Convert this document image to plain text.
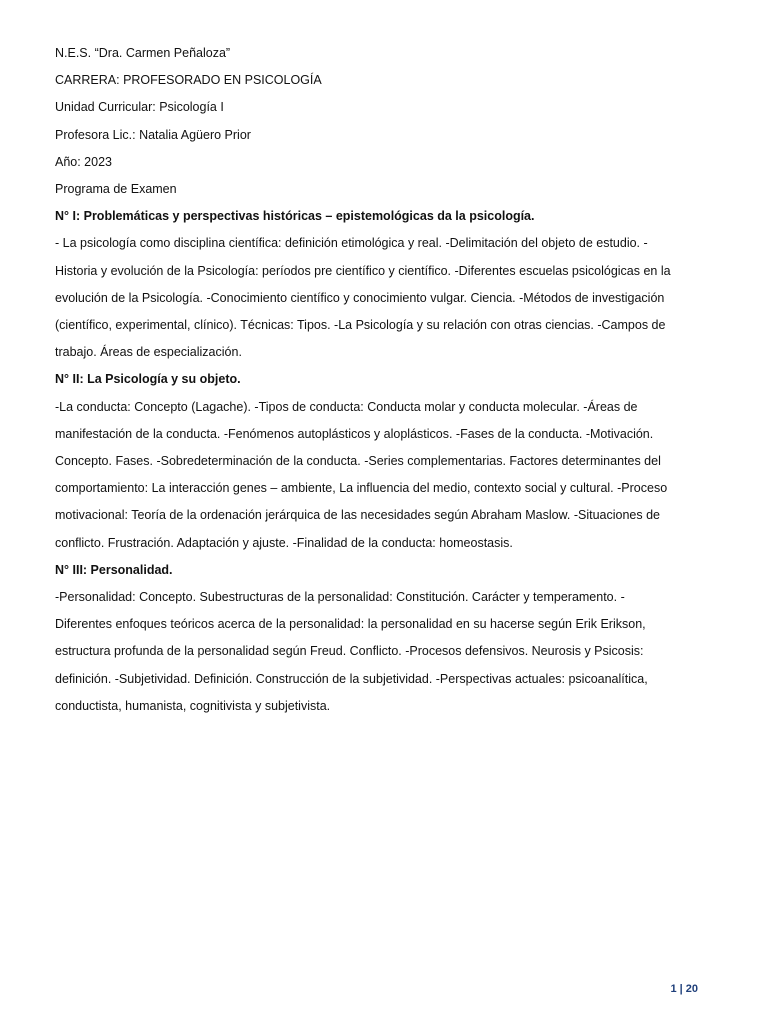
N.E.S. “Dra. Carmen Peñaloza”

CARRERA: PROFESORADO EN PSICOLOGÍA

Unidad Curricular: Psicología I

Profesora Lic.: Natalia Agüero Prior

Año: 2023

Programa de Examen

N° I: Problemáticas y perspectivas históricas – epistemológicas da la psicología.

- La psicología como disciplina científica: definición etimológica y real. -Delimitación del objeto de estudio. -
Historia y evolución de la Psicología: períodos pre científico y científico. -Diferentes escuelas psicológicas en la
evolución de la Psicología. -Conocimiento científico y conocimiento vulgar. Ciencia. -Métodos de investigación
(científico, experimental, clínico). Técnicas: Tipos. -La Psicología y su relación con otras ciencias. -Campos de
trabajo. Áreas de especialización.

N° II: La Psicología y su objeto.

-La conducta: Concepto (Lagache). -Tipos de conducta: Conducta molar y conducta molecular. -Áreas de
manifestación de la conducta. -Fenómenos autoplásticos y aloplásticos. -Fases de la conducta. -Motivación.
Concepto. Fases. -Sobredeterminación de la conducta. -Series complementarias. Factores determinantes del
comportamiento: La interacción genes – ambiente, La influencia del medio, contexto social y cultural. -Proceso
motivacional: Teoría de la ordenación jerárquica de las necesidades según Abraham Maslow. -Situaciones de
conflicto. Frustración. Adaptación y ajuste. -Finalidad de la conducta: homeostasis.

N° III: Personalidad.

-Personalidad: Concepto. Subestructuras de la personalidad: Constitución. Carácter y temperamento. -
Diferentes enfoques teóricos acerca de la personalidad: la personalidad en su hacerse según Erik Erikson,
estructura profunda de la personalidad según Freud. Conflicto. -Procesos defensivos. Neurosis y Psicosis:
definición. -Subjetividad. Definición. Construcción de la subjetividad. -Perspectivas actuales: psicoanalítica,
conductista, humanista, cognitivista y subjetivista.
1 | 20
